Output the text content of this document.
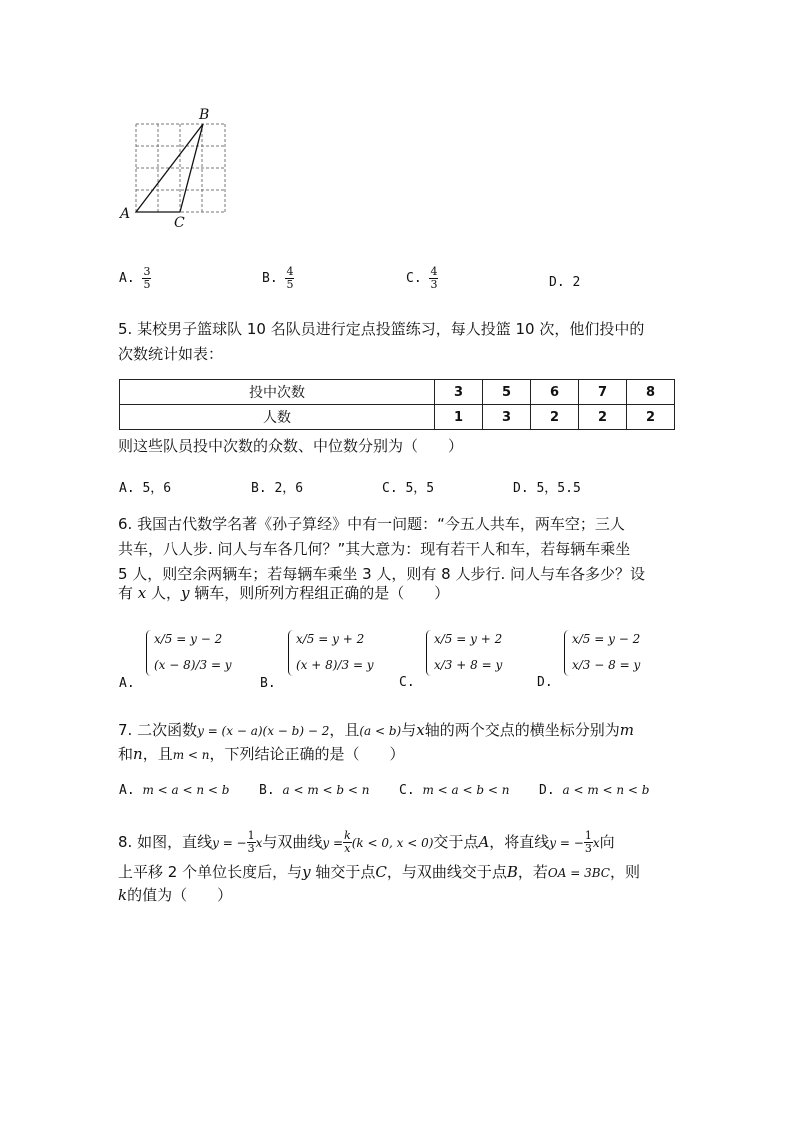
B
A
C
A. $\frac{3}{5}$	B. $\frac{4}{5}$	C. $\frac{4}{3}$	D. 2
5. 某校男子篮球队 10 名队员进行定点投篮练习，每人投篮 10 次，他们投中的
次数统计如表：
投中次数	3	5	6	7	8
人数	1	3	2	2	2
则这些队员投中次数的众数、中位数分别为（　　）
A. 5，6	B. 2，6	C. 5，5	D. 5，5.5
6. 我国古代数学名著《孙子算经》中有一问题：“今五人共车，两车空；三人
共车，八人步. 问人与车各几何？”其大意为：现有若干人和车，若每辆车乘坐
5 人，则空余两辆车；若每辆车乘坐 3 人，则有 8 人步行. 问人与车各多少？设
有 x 人，y 辆车，则所列方程组正确的是（　　）
A.
x/5 = y − 2
(x − 8)/3 = y
B.
x/5 = y + 2
(x + 8)/3 = y
C.
x/5 = y + 2
x/3 + 8 = y
D.
x/5 = y − 2
x/3 − 8 = y
7. 二次函数y = (x − a)(x − b) − 2，且(a < b)与x轴的两个交点的横坐标分别为m
和n，且m < n，下列结论正确的是（　　）
A. m < a < n < b B. a < m < b < n C. m < a < b < n D. a < m < n < b
8. 如图，直线y = − $\frac{1}{3}$ x与双曲线$y = \frac{k}{x} (k < 0$, x < 0)交于点A，将直线y = − $\frac{1}{3}$ x向
上平移 2 个单位长度后，与y 轴交于点C，与双曲线交于点B，若OA = 3BC，则
k的值为（　　）
